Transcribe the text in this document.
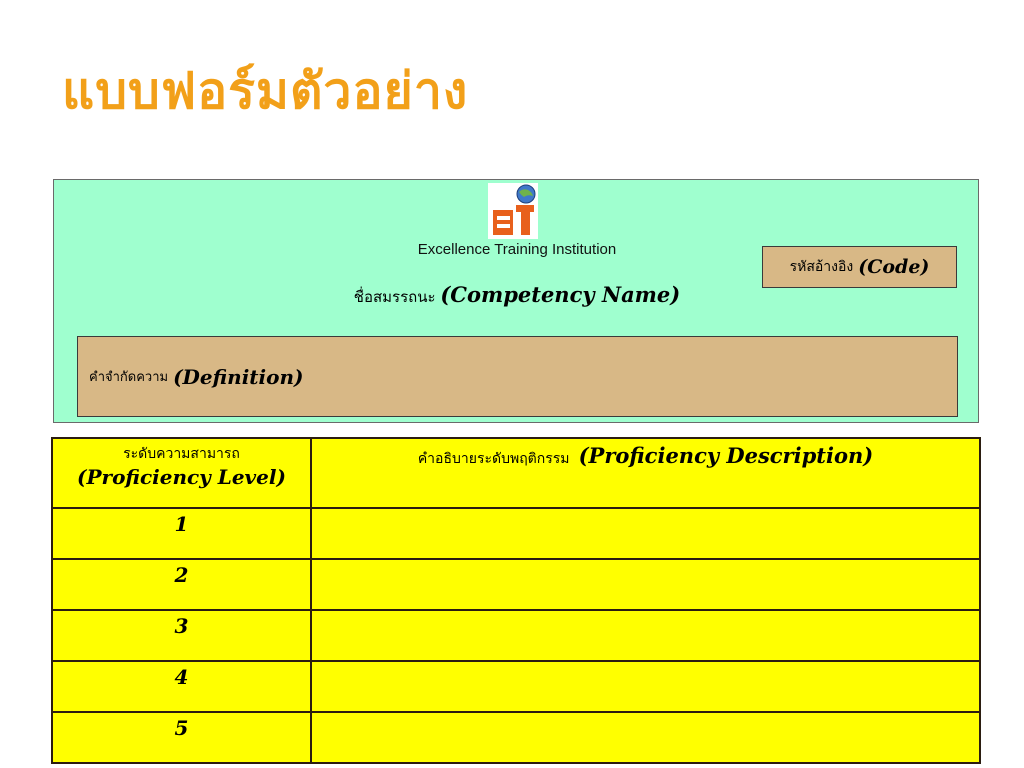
แบบฟอร์มตัวอย่าง
Excellence Training Institution
ชื่อสมรรถนะ (Competency Name)
รหัสอ้างอิง (Code)
คำจำกัดความ (Definition)
ระดับความสามารถ
(Proficiency Level)	คำอธิบายระดับพฤติกรรม (Proficiency Description)
1	
2	
3	
4	
5	
